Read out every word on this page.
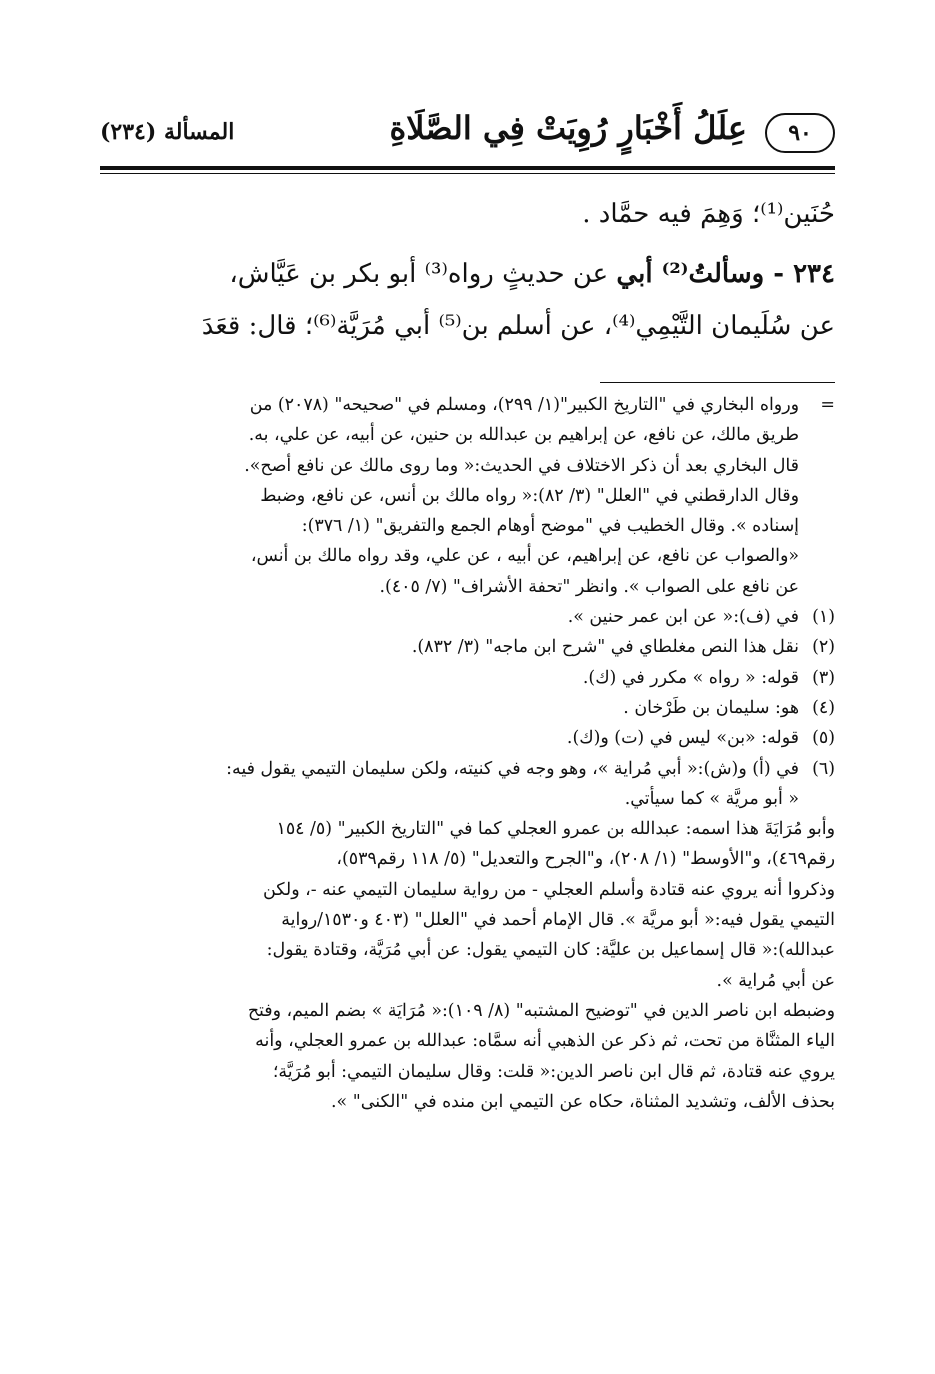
٩٠
عِلَلُ أَخْبَارٍ رُوِيَتْ فِي الصَّلَاةِ
المسألة (٢٣٤)

حُنَين⁽¹⁾؛ وَهِمَ فيه حمَّاد .

٢٣٤ - وسألتُ⁽²⁾ أبي عن حديثٍ رواه⁽³⁾ أبو بكر بن عَيَّاش،

عن سُلَيمان التَّيْمِي⁽⁴⁾، عن أسلم بن⁽⁵⁾ أبي مُرَيَّة⁽⁶⁾؛ قال: قعَدَ

=
ورواه البخاري في "التاريخ الكبير"(١/ ٢٩٩)، ومسلم في "صحيحه" (٢٠٧٨) من
طريق مالك، عن نافع، عن إبراهيم بن عبدالله بن حنين، عن أبيه، عن علي، به.
قال البخاري بعد أن ذكر الاختلاف في الحديث:« وما روى مالك عن نافع أصح».
وقال الدارقطني في "العلل" (٣/ ٨٢):« رواه مالك بن أنس، عن نافع، وضبط
إسناده ». وقال الخطيب في "موضح أوهام الجمع والتفريق" (١/ ٣٧٦):
«والصواب عن نافع، عن إبراهيم، عن أبيه ، عن علي، وقد رواه مالك بن أنس،
عن نافع على الصواب ». وانظر "تحفة الأشراف" (٧/ ٤٠٥).
(١)
في (ف):« عن ابن عمر حنين ».
(٢)
نقل هذا النص مغلطاي في "شرح ابن ماجه" (٣/ ٨٣٢).
(٣)
قوله: « رواه » مكرر في (ك).
(٤)
هو: سليمان بن طَرْخان .
(٥)
قوله: «بن» ليس في (ت) و(ك).
(٦)
في (أ) و(ش):« أبي مُراية »، وهو وجه في كنيته، ولكن سليمان التيمي يقول فيه:
« أبو مريَّة » كما سيأتي.
وأبو مُرَايَةَ هذا اسمه: عبدالله بن عمرو العجلي كما في "التاريخ الكبير" (٥/ ١٥٤
رقم٤٦٩)، و"الأوسط" (١/ ٢٠٨)، و"الجرح والتعديل" (٥/ ١١٨ رقم٥٣٩)،
وذكروا أنه يروي عنه قتادة وأسلم العجلي - من رواية سليمان التيمي عنه -، ولكن
التيمي يقول فيه:« أبو مريَّة ». قال الإمام أحمد في "العلل" (٤٠٣ و١٥٣٠/رواية
عبدالله):« قال إسماعيل بن عليَّة: كان التيمي يقول: عن أبي مُرَيَّة، وقتادة يقول:
عن أبي مُراية ».
وضبطه ابن ناصر الدين في "توضيح المشتبه" (٨/ ١٠٩):« مُرَايَة » بضم الميم، وفتح
الياء المثنَّاة من تحت، ثم ذكر عن الذهبي أنه سمَّاه: عبدالله بن عمرو العجلي، وأنه
يروي عنه قتادة، ثم قال ابن ناصر الدين:« قلت: وقال سليمان التيمي: أبو مُرَيَّة؛
بحذف الألف، وتشديد المثناة، حكاه عن التيمي ابن منده في "الكنى" ».
